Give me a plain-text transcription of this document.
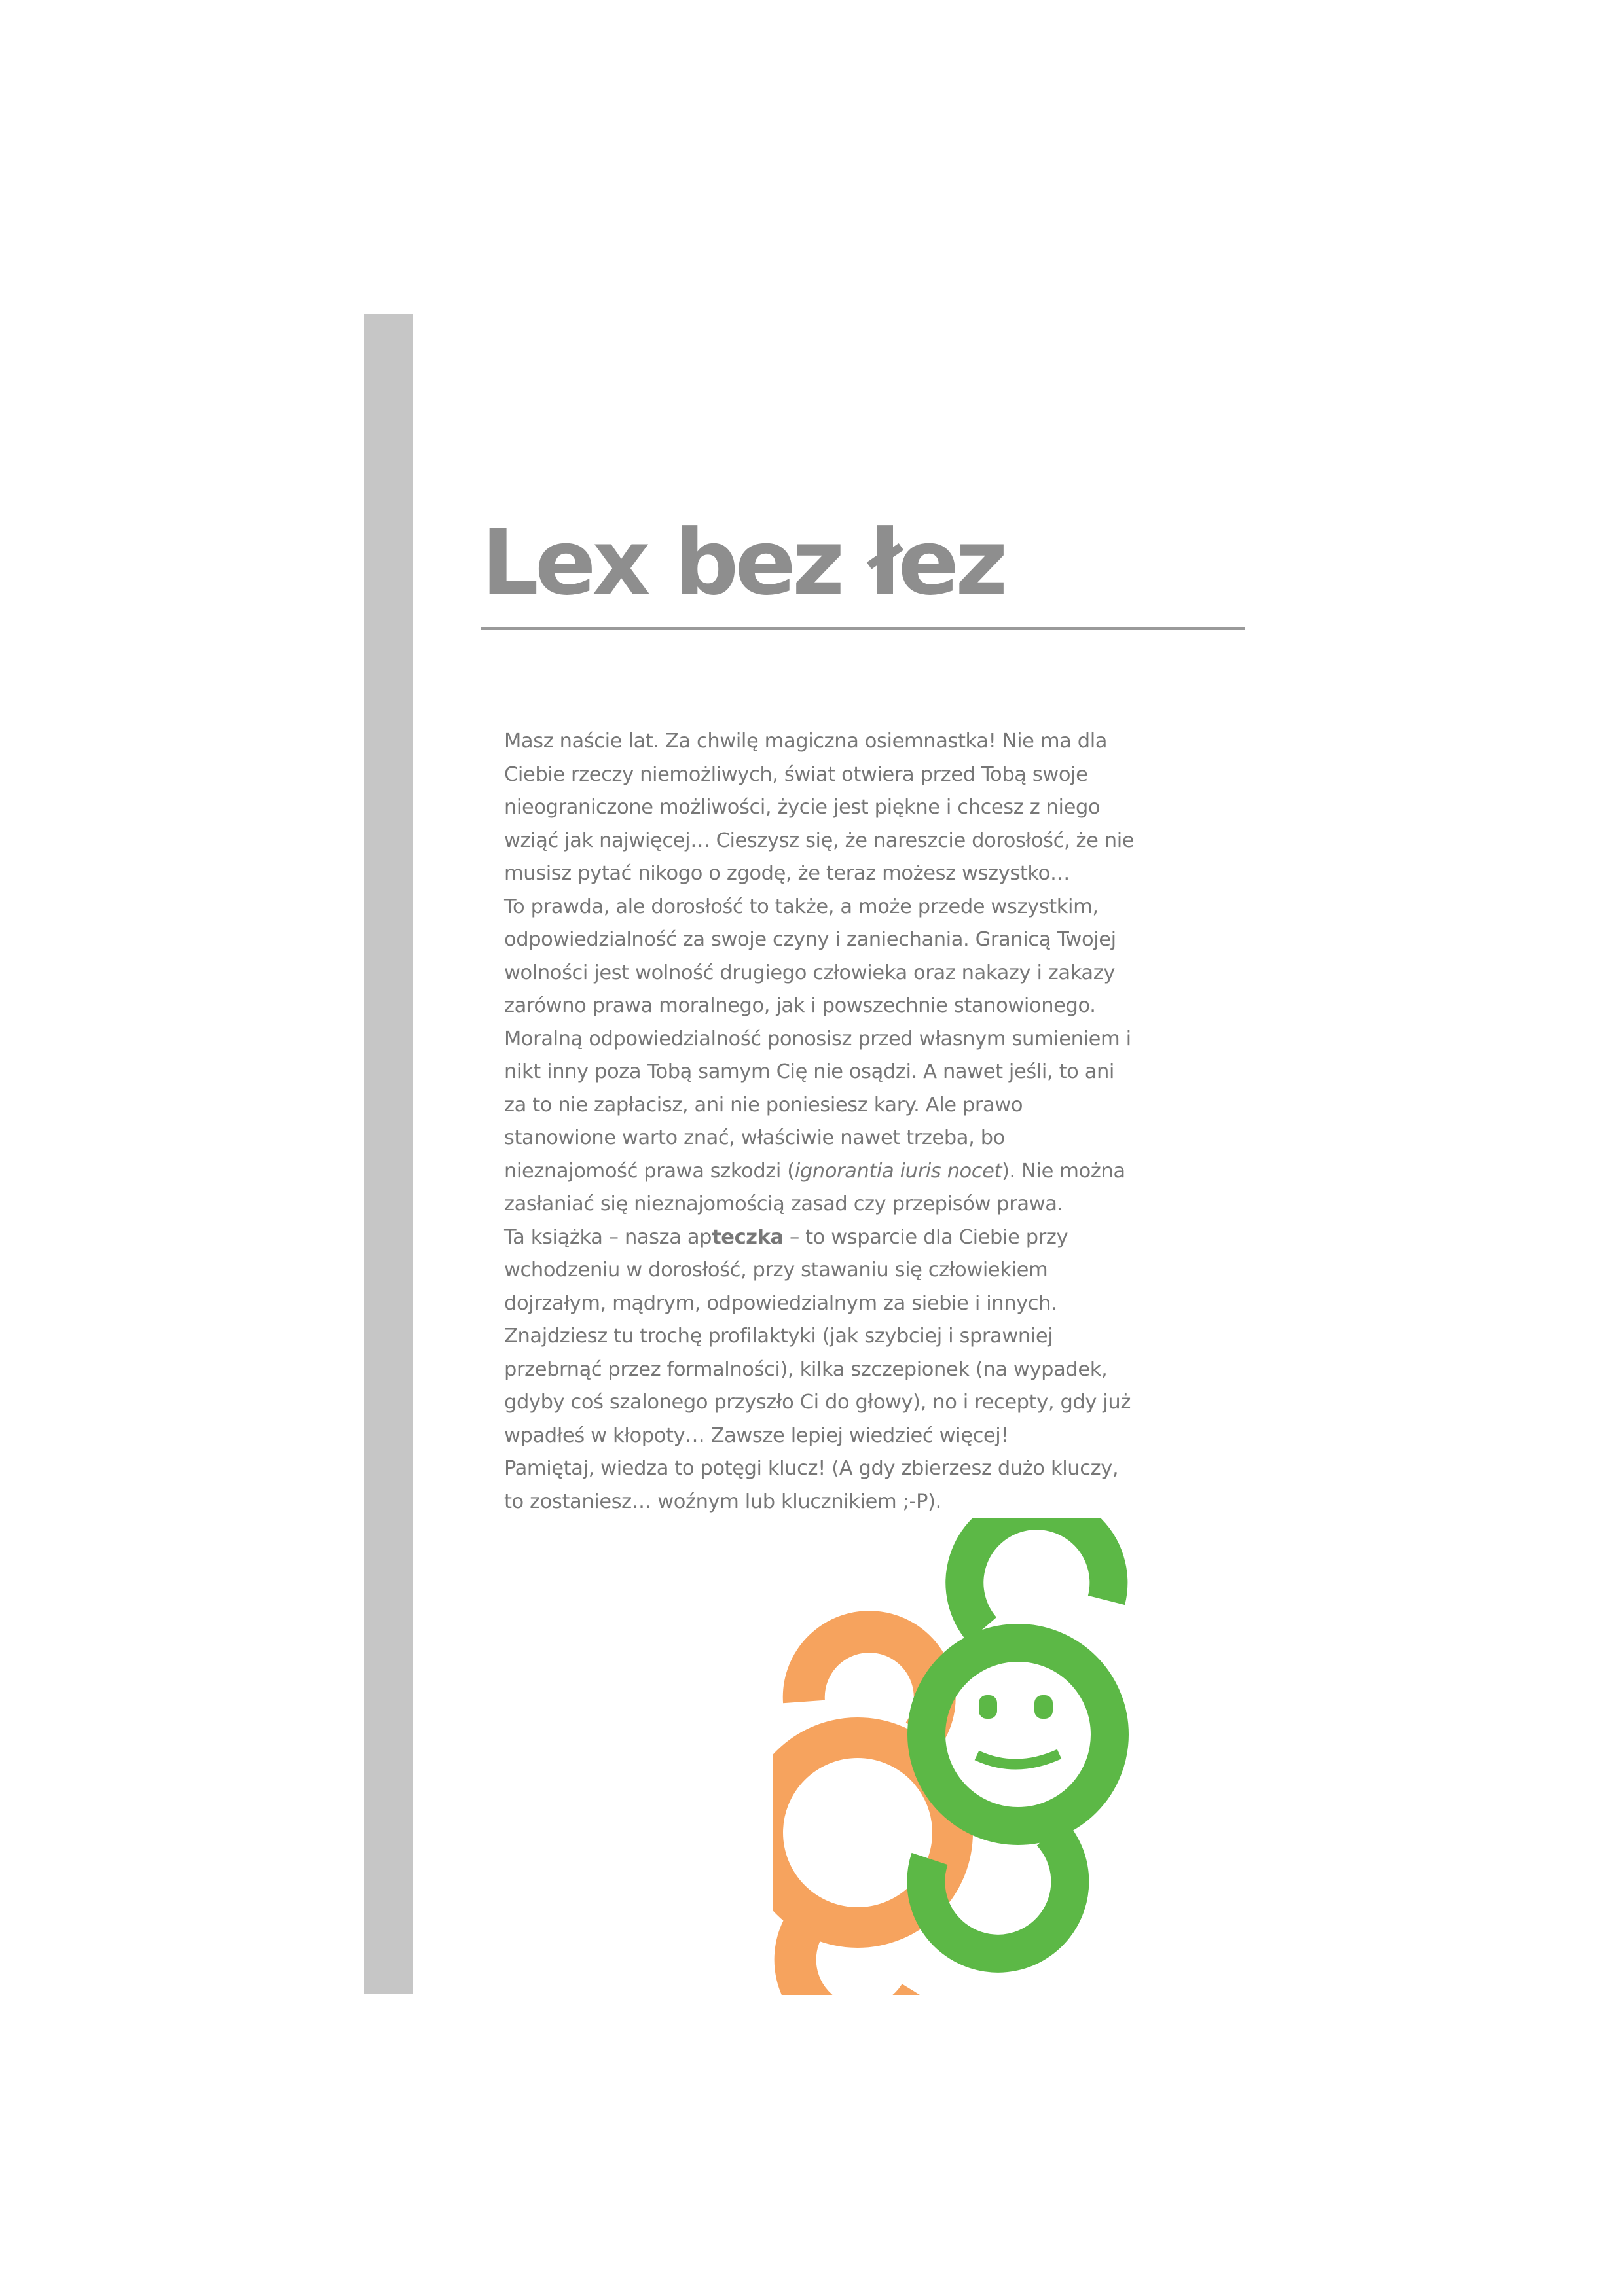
Lex bez łez

Masz naście lat. Za chwilę magiczna osiemnastka! Nie ma dla Ciebie rzeczy niemożliwych, świat otwiera przed Tobą swoje nieograniczone możliwości, życie jest piękne i chcesz z niego wziąć jak najwięcej… Cieszysz się, że nareszcie dorosłość, że nie musisz pytać nikogo o zgodę, że teraz możesz wszystko…

To prawda, ale dorosłość to także, a może przede wszystkim, odpowiedzialność za swoje czyny i zaniechania. Granicą Twojej wolności jest wolność drugiego człowieka oraz nakazy i zakazy zarówno prawa moralnego, jak i powszechnie stanowionego. Moralną odpowiedzialność ponosisz przed własnym sumieniem i nikt inny poza Tobą samym Cię nie osądzi. A nawet jeśli, to ani za to nie zapłacisz, ani nie poniesiesz kary. Ale prawo stanowione warto znać, właściwie nawet trzeba, bo nieznajomość prawa szkodzi (ignorantia iuris nocet). Nie można zasłaniać się nieznajomością zasad czy przepisów prawa.

Ta książka – nasza apteczka – to wsparcie dla Ciebie przy wchodzeniu w dorosłość, przy stawaniu się człowiekiem dojrzałym, mądrym, odpowiedzialnym za siebie i innych.

Znajdziesz tu trochę profilaktyki (jak szybciej i sprawniej przebrnąć przez formalności), kilka szczepionek (na wypadek, gdyby coś szalonego przyszło Ci do głowy), no i recepty, gdy już wpadłeś w kłopoty… Zawsze lepiej wiedzieć więcej!

Pamiętaj, wiedza to potęgi klucz! (A gdy zbierzesz dużo kluczy, to zostaniesz… woźnym lub klucznikiem ;-P).

* *
